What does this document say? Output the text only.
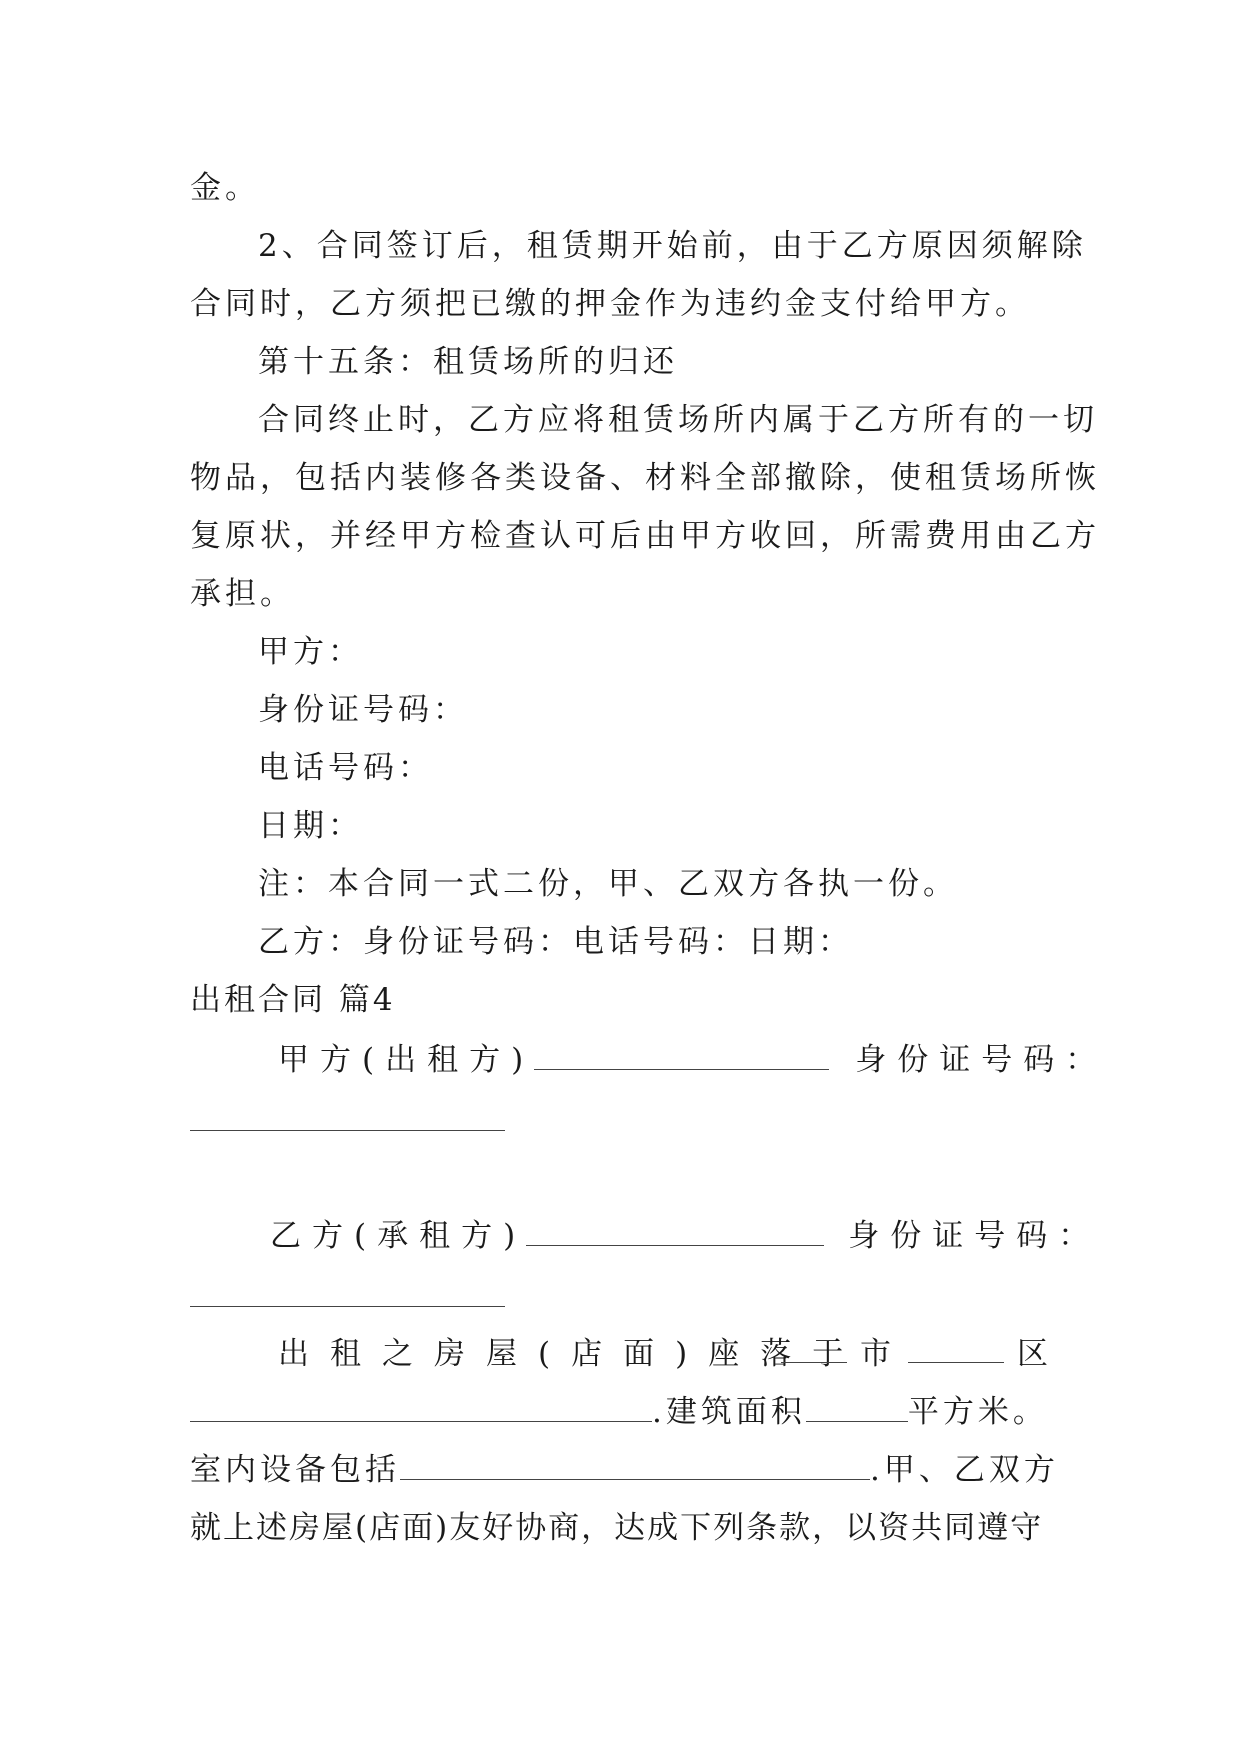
金。
2、合同签订后，租赁期开始前，由于乙方原因须解除
合同时，乙方须把已缴的押金作为违约金支付给甲方。
第十五条：租赁场所的归还
合同终止时，乙方应将租赁场所内属于乙方所有的一切
物品，包括内装修各类设备、材料全部撤除，使租赁场所恢
复原状，并经甲方检查认可后由甲方收回，所需费用由乙方
承担。
甲方：
身份证号码：
电话号码：
日期：
注：本合同一式二份，甲、乙双方各执一份。
乙方：身份证号码：电话号码：日期：
出租合同 篇4
甲方(出租方)	身份证号码：
乙方(承租方)	身份证号码：
出租之房屋(店面)座落于
市	区
.建筑面积	平方米。
室内设备包括	.甲、乙双方
就上述房屋(店面)友好协商，达成下列条款，以资共同遵守
